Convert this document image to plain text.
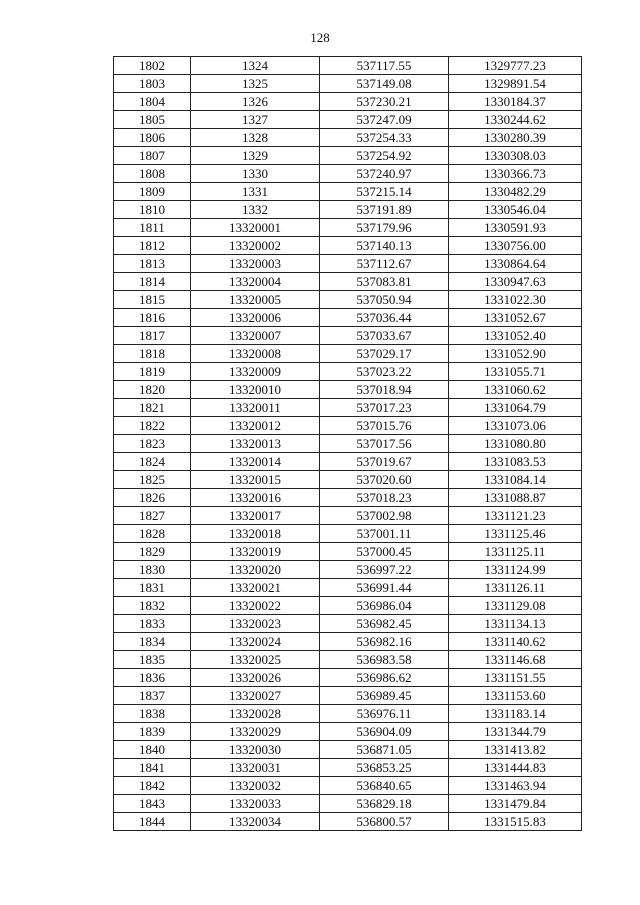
128
1802	1324	537117.55	1329777.23
1803	1325	537149.08	1329891.54
1804	1326	537230.21	1330184.37
1805	1327	537247.09	1330244.62
1806	1328	537254.33	1330280.39
1807	1329	537254.92	1330308.03
1808	1330	537240.97	1330366.73
1809	1331	537215.14	1330482.29
1810	1332	537191.89	1330546.04
1811	13320001	537179.96	1330591.93
1812	13320002	537140.13	1330756.00
1813	13320003	537112.67	1330864.64
1814	13320004	537083.81	1330947.63
1815	13320005	537050.94	1331022.30
1816	13320006	537036.44	1331052.67
1817	13320007	537033.67	1331052.40
1818	13320008	537029.17	1331052.90
1819	13320009	537023.22	1331055.71
1820	13320010	537018.94	1331060.62
1821	13320011	537017.23	1331064.79
1822	13320012	537015.76	1331073.06
1823	13320013	537017.56	1331080.80
1824	13320014	537019.67	1331083.53
1825	13320015	537020.60	1331084.14
1826	13320016	537018.23	1331088.87
1827	13320017	537002.98	1331121.23
1828	13320018	537001.11	1331125.46
1829	13320019	537000.45	1331125.11
1830	13320020	536997.22	1331124.99
1831	13320021	536991.44	1331126.11
1832	13320022	536986.04	1331129.08
1833	13320023	536982.45	1331134.13
1834	13320024	536982.16	1331140.62
1835	13320025	536983.58	1331146.68
1836	13320026	536986.62	1331151.55
1837	13320027	536989.45	1331153.60
1838	13320028	536976.11	1331183.14
1839	13320029	536904.09	1331344.79
1840	13320030	536871.05	1331413.82
1841	13320031	536853.25	1331444.83
1842	13320032	536840.65	1331463.94
1843	13320033	536829.18	1331479.84
1844	13320034	536800.57	1331515.83
